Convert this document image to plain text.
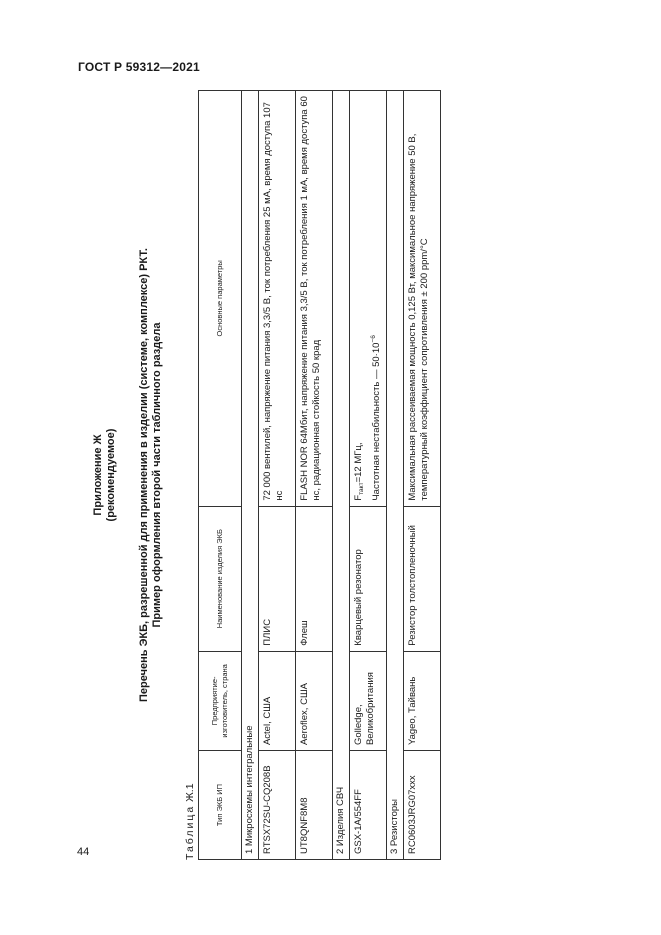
ГОСТ Р 59312—2021
44
Приложение Ж (рекомендуемое) Перечень ЭКБ, разрешенной для применения в изделии (системе, комплексе) РКТ. Пример оформления второй части табличного раздела
Таблица Ж.1	Тип ЭКБ ИП	Предприятие-изготовитель, страна	Наименование изделия ЭКБ	Основные параметры
1 Микросхемы интегральные			
RTSX72SU-CQ208B	Actel, США	ПЛИС	72 000 вентилей, напряжение питания 3,3/5 В, ток потребления 25 мА, время доступа 107 нс
UT8QNF8M8	Aeroflex, США	Флеш	FLASH NOR 64Мбит, напряжение питания 3,3/5 В, ток потребления 1 мА, время доступа 60 нс, радиационная стойкость 50 крад
2 Изделия СВЧ			
GSX-1A/554FF	Golledge, Великобритания	Кварцевый резонатор	$F_{такт}=12$ МГц, Частотная нестабильность — $50\cdot 10^{-6}$
3 Резисторы			
RC0603JRG07xxx	Yageo, Тайвань	Резистор толстопленочный	Максимальная рассеиваемая мощность 0,125 Вт, максимальное напряжение 50 В, температурный коэффициент сопротивления ± 200 ppm/°C
